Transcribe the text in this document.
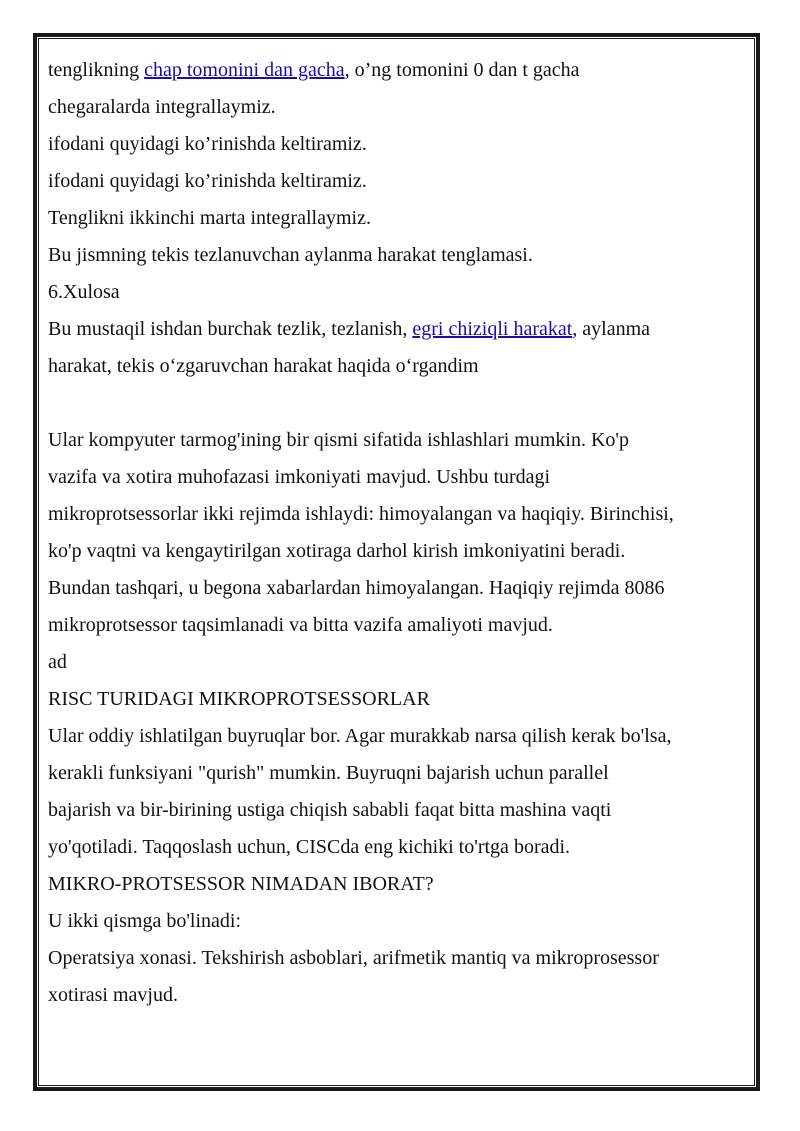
tenglikning chap tomonini dan gacha, o’ng tomonini 0 dan t gacha
chegaralarda integrallaymiz.
ifodani quyidagi ko’rinishda keltiramiz.
ifodani quyidagi ko’rinishda keltiramiz.
Tenglikni ikkinchi marta integrallaymiz.
Bu jismning tekis tezlanuvchan aylanma harakat tenglamasi.
6.Xulosa
Bu mustaqil ishdan burchak tezlik, tezlanish, egri chiziqli harakat, aylanma
harakat, tekis o‘zgaruvchan harakat haqida o‘rgandim
Ular kompyuter tarmog'ining bir qismi sifatida ishlashlari mumkin. Ko'p
vazifa va xotira muhofazasi imkoniyati mavjud. Ushbu turdagi
mikroprotsessorlar ikki rejimda ishlaydi: himoyalangan va haqiqiy. Birinchisi,
ko'p vaqtni va kengaytirilgan xotiraga darhol kirish imkoniyatini beradi.
Bundan tashqari, u begona xabarlardan himoyalangan. Haqiqiy rejimda 8086
mikroprotsessor taqsimlanadi va bitta vazifa amaliyoti mavjud.
ad
RISC TURIDAGI MIKROPROTSESSORLAR
Ular oddiy ishlatilgan buyruqlar bor. Agar murakkab narsa qilish kerak bo'lsa,
kerakli funksiyani "qurish" mumkin. Buyruqni bajarish uchun parallel
bajarish va bir-birining ustiga chiqish sababli faqat bitta mashina vaqti
yo'qotiladi. Taqqoslash uchun, CISCda eng kichiki to'rtga boradi.
MIKRO-PROTSESSOR NIMADAN IBORAT?
U ikki qismga bo'linadi:
Operatsiya xonasi. Tekshirish asboblari, arifmetik mantiq va mikroprosessor
xotirasi mavjud.
